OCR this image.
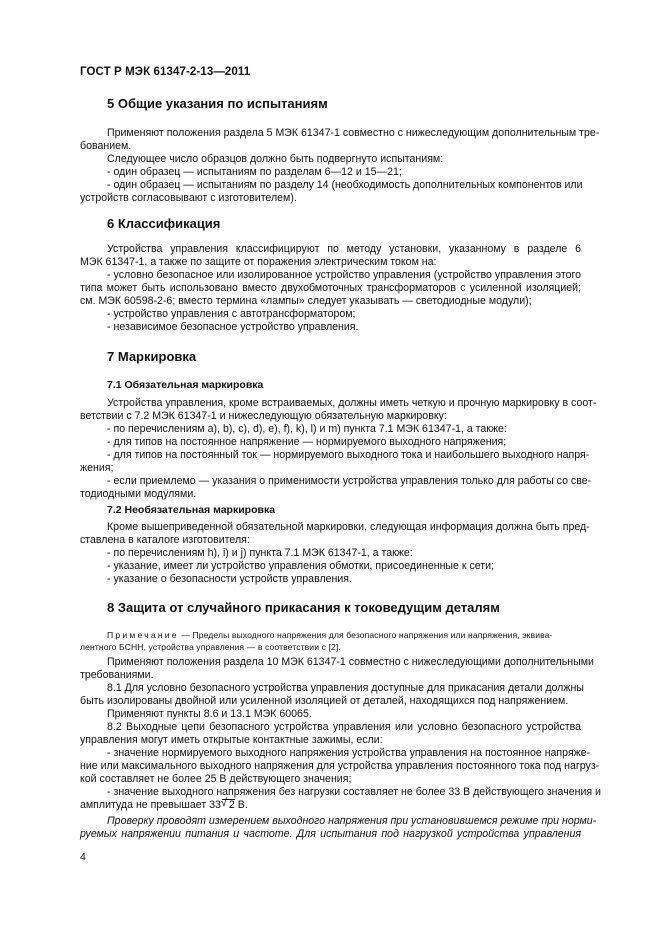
ГОСТ Р МЭК 61347-2-13—2011
5 Общие указания по испытаниям
Применяют положения раздела 5 МЭК 61347-1 совместно с нижеследующим дополнительным тре-
бованием.
Следующее число образцов должно быть подвергнуто испытаниям:
- один образец — испытаниям по разделам 6—12 и 15—21;
- один образец — испытаниям по разделу 14 (необходимость дополнительных компонентов или
устройств согласовывают с изготовителем).
6 Классификация
Устройства управления классифицируют по методу установки, указанному в разделе 6
МЭК 61347-1, а также по защите от поражения электрическим током на:
- условно безопасное или изолированное устройство управления (устройство управления этого
типа может быть использовано вместо двухобмоточных трансформаторов с усиленной изоляцией;
см. МЭК 60598-2-6; вместо термина «лампы» следует указывать — светодиодные модули);
- устройство управления с автотрансформатором;
- независимое безопасное устройство управления.
7 Маркировка
7.1 Обязательная маркировка
Устройства управления, кроме встраиваемых, должны иметь четкую и прочную маркировку в соот-
ветствии с 7.2 МЭК 61347-1 и нижеследующую обязательную маркировку:
- по перечислениям a), b), c), d), e), f), k), l) и m) пункта 7.1 МЭК 61347-1, а также:
- для типов на постоянное напряжение — нормируемого выходного напряжения;
- для типов на постоянный ток — нормируемого выходного тока и наибольшего выходного напря-
жения;
- если приемлемо — указания о применимости устройства управления только для работы со све-
тодиодными модулями.
7.2 Необязательная маркировка
Кроме вышеприведенной обязательной маркировки, следующая информация должна быть пред-
ставлена в каталоге изготовителя:
- по перечислениям h), i) и j) пункта 7.1 МЭК 61347-1, а также:
- указание, имеет ли устройство управления обмотки, присоединенные к сети;
- указание о безопасности устройств управления.
8 Защита от случайного прикасания к токоведущим деталям
Примечание — Пределы выходного напряжения для безопасного напряжения или напряжения, эквива-
лентного БСНН, устройства управления — в соответствии с [2].
Применяют положения раздела 10 МЭК 61347-1 совместно с нижеследующими дополнительными
требованиями.
8.1 Для условно безопасного устройства управления доступные для прикасания детали должны
быть изолированы двойной или усиленной изоляцией от деталей, находящихся под напряжением.
Применяют пункты 8.6 и 13.1 МЭК 60065.
8.2 Выходные цепи безопасного устройства управления или условно безопасного устройства
управления могут иметь открытые контактные зажимы, если:
- значение нормируемого выходного напряжения устройства управления на постоянное напряже-
ние или максимального выходного напряжения для устройства управления постоянного тока под нагруз-
кой составляет не более 25 В действующего значения;
- значение выходного напряжения без нагрузки составляет не более 33 В действующего значения и
амплитуда не превышает 33√ 2 В.
Проверку проводят измерением выходного напряжения при установившемся режиме при норми-
руемых напряжении питания и частоте. Для испытания под нагрузкой устройства управления
4
